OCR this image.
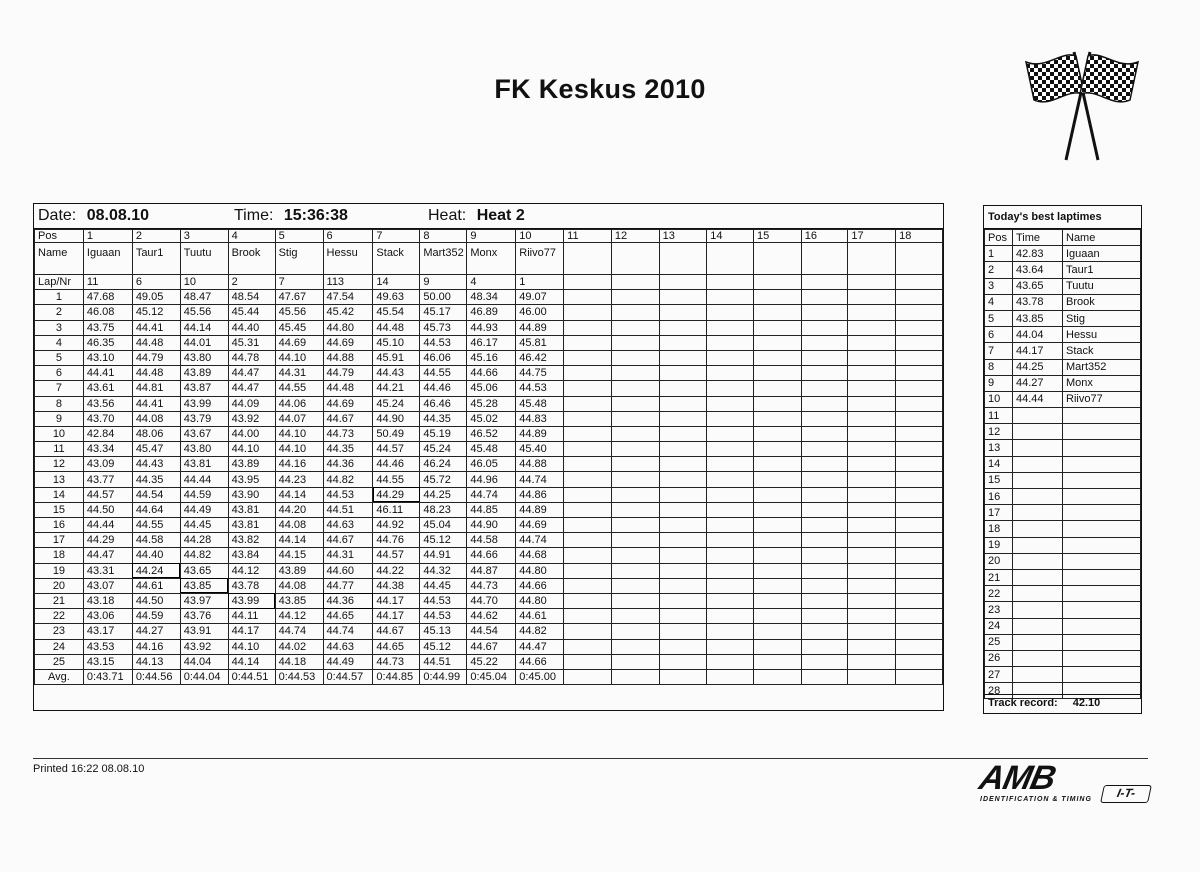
FK Keskus 2010
Date: 08.08.10	Time: 15:36:38	Heat: Heat 2
Pos	1	2	3	4	5	6	7	8	9	10	11	12	13	14	15	16	17	18
Name	Iguaan	Taur1	Tuutu	Brook	Stig	Hessu	Stack	Mart352	Monx	Riivo77								
Lap/Nr	11	6	10	2	7	113	14	9	4	1								
1	47.68	49.05	48.47	48.54	47.67	47.54	49.63	50.00	48.34	49.07								
2	46.08	45.12	45.56	45.44	45.56	45.42	45.54	45.17	46.89	46.00								
3	43.75	44.41	44.14	44.40	45.45	44.80	44.48	45.73	44.93	44.89								
4	46.35	44.48	44.01	45.31	44.69	44.69	45.10	44.53	46.17	45.81								
5	43.10	44.79	43.80	44.78	44.10	44.88	45.91	46.06	45.16	46.42								
6	44.41	44.48	43.89	44.47	44.31	44.79	44.43	44.55	44.66	44.75								
7	43.61	44.81	43.87	44.47	44.55	44.48	44.21	44.46	45.06	44.53								
8	43.56	44.41	43.99	44.09	44.06	44.69	45.24	46.46	45.28	45.48								
9	43.70	44.08	43.79	43.92	44.07	44.67	44.90	44.35	45.02	44.83								
10	42.84	48.06	43.67	44.00	44.10	44.73	50.49	45.19	46.52	44.89								
11	43.34	45.47	43.80	44.10	44.10	44.35	44.57	45.24	45.48	45.40								
12	43.09	44.43	43.81	43.89	44.16	44.36	44.46	46.24	46.05	44.88								
13	43.77	44.35	44.44	43.95	44.23	44.82	44.55	45.72	44.96	44.74								
14	44.57	44.54	44.59	43.90	44.14	44.53	44.29	44.25	44.74	44.86								
15	44.50	44.64	44.49	43.81	44.20	44.51	46.11	48.23	44.85	44.89								
16	44.44	44.55	44.45	43.81	44.08	44.63	44.92	45.04	44.90	44.69								
17	44.29	44.58	44.28	43.82	44.14	44.67	44.76	45.12	44.58	44.74								
18	44.47	44.40	44.82	43.84	44.15	44.31	44.57	44.91	44.66	44.68								
19	43.31	44.24	43.65	44.12	43.89	44.60	44.22	44.32	44.87	44.80								
20	43.07	44.61	43.85	43.78	44.08	44.77	44.38	44.45	44.73	44.66								
21	43.18	44.50	43.97	43.99	43.85	44.36	44.17	44.53	44.70	44.80								
22	43.06	44.59	43.76	44.11	44.12	44.65	44.17	44.53	44.62	44.61								
23	43.17	44.27	43.91	44.17	44.74	44.74	44.67	45.13	44.54	44.82								
24	43.53	44.16	43.92	44.10	44.02	44.63	44.65	45.12	44.67	44.47								
25	43.15	44.13	44.04	44.14	44.18	44.49	44.73	44.51	45.22	44.66								
Avg.	0:43.71	0:44.56	0:44.04	0:44.51	0:44.53	0:44.57	0:44.85	0:44.99	0:45.04	0:45.00								
Today's best laptimes
Pos	Time	Name
1	42.83	Iguaan
2	43.64	Taur1
3	43.65	Tuutu
4	43.78	Brook
5	43.85	Stig
6	44.04	Hessu
7	44.17	Stack
8	44.25	Mart352
9	44.27	Monx
10	44.44	Riivo77
11		
12		
13		
14		
15		
16		
17		
18		
19		
20		
21		
22		
23		
24		
25		
26		
27		
28		
Track record: 42.10
Printed 16:22 08.08.10	AMB	I-T-
IDENTIFICATION & TIMING
